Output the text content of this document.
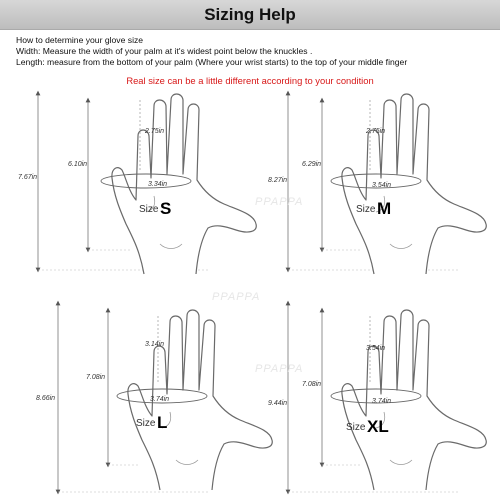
Sizing Help
How to determine your glove size
Width: Measure the width of your palm at it's widest point below the knuckles .
Length: measure from the bottom of your palm (Where your wrist starts) to the top of your middle finger
Real size can be a little different according to your condition
7.67in
6.10in
2.75in
3.34in
Size S
8.27in
6.29in
2.75in
3.54in
Size M
8.66in
7.08in
3.14in
3.74in
Size L
9.44in
7.08in
3.54in
3.74in
Size XL
PPAPPA
PPAPPA
PPAPPA
